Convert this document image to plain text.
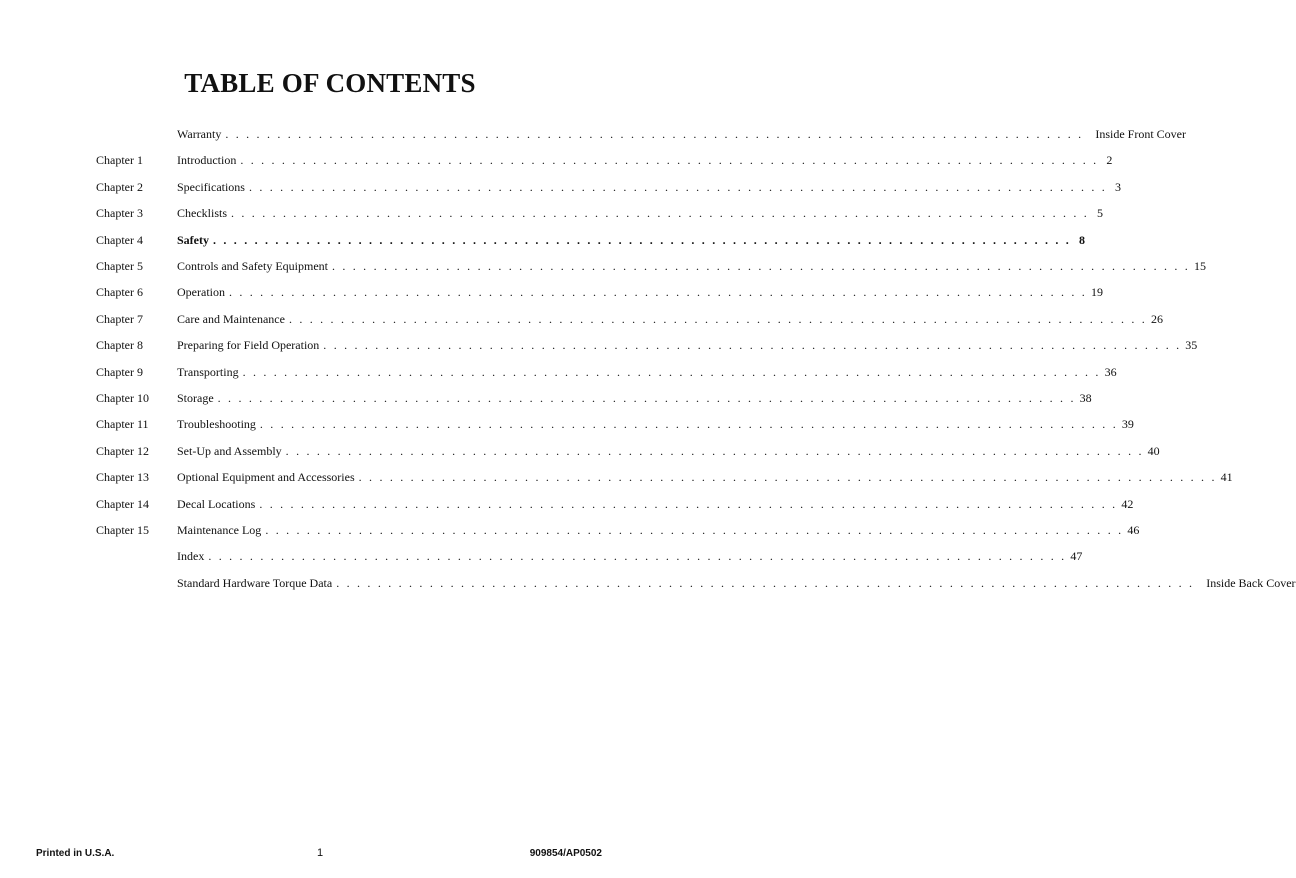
TABLE OF CONTENTS
Warranty . . . . . . . . . . . . . . . . . . . . . . . . . . . . . . . . . . . . . . . . . . . . . . . . . . . . . . . . . . . . . . . . . . . . . . . . . . . . . . . . . . .	Inside Front Cover
Chapter 1	Introduction . . . . . . . . . . . . . . . . . . . . . . . . . . . . . . . . . . . . . . . . . . . . . . . . . . . . . . . . . . . . . . . . . . . . . . . . . . . . . . . . . . . 2
Chapter 2	Specifications . . . . . . . . . . . . . . . . . . . . . . . . . . . . . . . . . . . . . . . . . . . . . . . . . . . . . . . . . . . . . . . . . . . . . . . . . . . . . . . . . . . 3
Chapter 3	Checklists . . . . . . . . . . . . . . . . . . . . . . . . . . . . . . . . . . . . . . . . . . . . . . . . . . . . . . . . . . . . . . . . . . . . . . . . . . . . . . . . . . . 5
Chapter 4	Safety . . . . . . . . . . . . . . . . . . . . . . . . . . . . . . . . . . . . . . . . . . . . . . . . . . . . . . . . . . . . . . . . . . . . . . . . . . . . . . . . . . . 8
Chapter 5	Controls and Safety Equipment . . . . . . . . . . . . . . . . . . . . . . . . . . . . . . . . . . . . . . . . . . . . . . . . . . . . . . . . . . . . . . . . . . . . . . . . . . . . . . . . . . . 15
Chapter 6	Operation . . . . . . . . . . . . . . . . . . . . . . . . . . . . . . . . . . . . . . . . . . . . . . . . . . . . . . . . . . . . . . . . . . . . . . . . . . . . . . . . . . . 19
Chapter 7	Care and Maintenance . . . . . . . . . . . . . . . . . . . . . . . . . . . . . . . . . . . . . . . . . . . . . . . . . . . . . . . . . . . . . . . . . . . . . . . . . . . . . . . . . . . 26
Chapter 8	Preparing for Field Operation . . . . . . . . . . . . . . . . . . . . . . . . . . . . . . . . . . . . . . . . . . . . . . . . . . . . . . . . . . . . . . . . . . . . . . . . . . . . . . . . . . . 35
Chapter 9	Transporting . . . . . . . . . . . . . . . . . . . . . . . . . . . . . . . . . . . . . . . . . . . . . . . . . . . . . . . . . . . . . . . . . . . . . . . . . . . . . . . . . . . 36
Chapter 10 Storage . . . . . . . . . . . . . . . . . . . . . . . . . . . . . . . . . . . . . . . . . . . . . . . . . . . . . . . . . . . . . . . . . . . . . . . . . . . . . . . . . . . 38
Chapter 11 Troubleshooting . . . . . . . . . . . . . . . . . . . . . . . . . . . . . . . . . . . . . . . . . . . . . . . . . . . . . . . . . . . . . . . . . . . . . . . . . . . . . . . . . . . 39
Chapter 12 Set-Up and Assembly . . . . . . . . . . . . . . . . . . . . . . . . . . . . . . . . . . . . . . . . . . . . . . . . . . . . . . . . . . . . . . . . . . . . . . . . . . . . . . . . . . . 40
Chapter 13 Optional Equipment and Accessories . . . . . . . . . . . . . . . . . . . . . . . . . . . . . . . . . . . . . . . . . . . . . . . . . . . . . . . . . . . . . . . . . . . . . . . . . . . . . . . . . . . 41
Chapter 14 Decal Locations . . . . . . . . . . . . . . . . . . . . . . . . . . . . . . . . . . . . . . . . . . . . . . . . . . . . . . . . . . . . . . . . . . . . . . . . . . . . . . . . . . . 42
Chapter 15 Maintenance Log . . . . . . . . . . . . . . . . . . . . . . . . . . . . . . . . . . . . . . . . . . . . . . . . . . . . . . . . . . . . . . . . . . . . . . . . . . . . . . . . . . . 46
Index . . . . . . . . . . . . . . . . . . . . . . . . . . . . . . . . . . . . . . . . . . . . . . . . . . . . . . . . . . . . . . . . . . . . . . . . . . . . . . . . . . . 47
Standard Hardware Torque Data . . . . . . . . . . . . . . . . . . . . . . . . . . . . . . . . . . . . . . . . . . . . . . . . . . . . . . . . . . . . . . . . . . . . . . . . . . . . . . . . . . .	Inside Back Cover
Printed in U.S.A.	1	909854/AP0502
